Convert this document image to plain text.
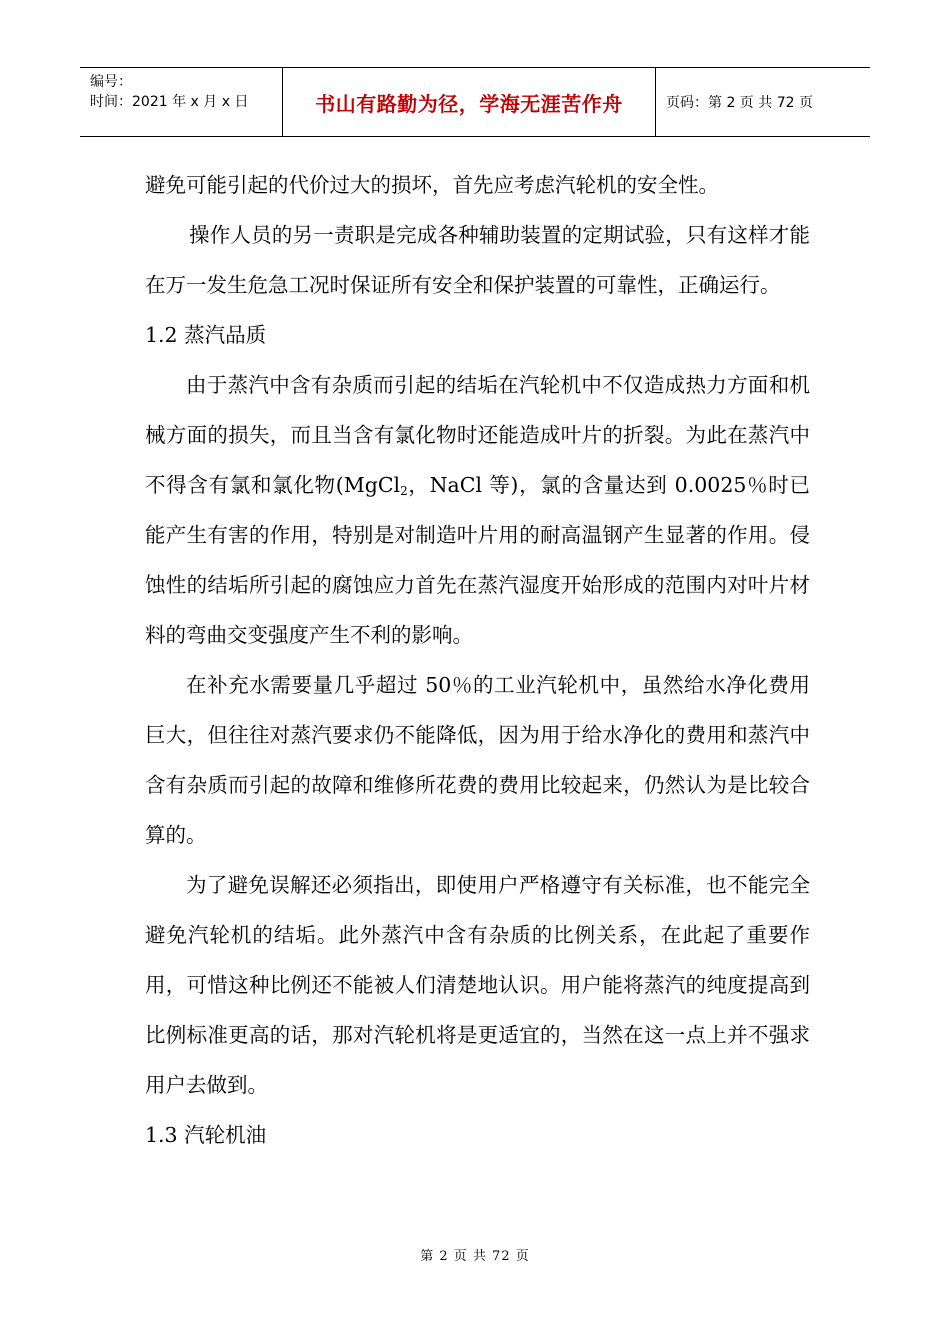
编号：
时间：2021 年 x 月 x 日	书山有路勤为径，学海无涯苦作舟	页码：第 2 页 共 72 页

避免可能引起的代价过大的损坏，首先应考虑汽轮机的安全性。

操作人员的另一责职是完成各种辅助装置的定期试验，只有这样才能在万一发生危急工况时保证所有安全和保护装置的可靠性，正确运行。

1.2 蒸汽品质

由于蒸汽中含有杂质而引起的结垢在汽轮机中不仅造成热力方面和机械方面的损失，而且当含有氯化物时还能造成叶片的折裂。为此在蒸汽中不得含有氯和氯化物(MgCl$_2$，NaCl 等)，氯的含量达到 0.0025％时已能产生有害的作用，特别是对制造叶片用的耐高温钢产生显著的作用。侵蚀性的结垢所引起的腐蚀应力首先在蒸汽湿度开始形成的范围内对叶片材料的弯曲交变强度产生不利的影响。

在补充水需要量几乎超过 50％的工业汽轮机中，虽然给水净化费用巨大，但往往对蒸汽要求仍不能降低，因为用于给水净化的费用和蒸汽中含有杂质而引起的故障和维修所花费的费用比较起来，仍然认为是比较合算的。

为了避免误解还必须指出，即使用户严格遵守有关标准，也不能完全避免汽轮机的结垢。此外蒸汽中含有杂质的比例关系，在此起了重要作用，可惜这种比例还不能被人们清楚地认识。用户能将蒸汽的纯度提高到比例标准更高的话，那对汽轮机将是更适宜的，当然在这一点上并不强求用户去做到。

1.3 汽轮机油

第 2 页 共 72 页
